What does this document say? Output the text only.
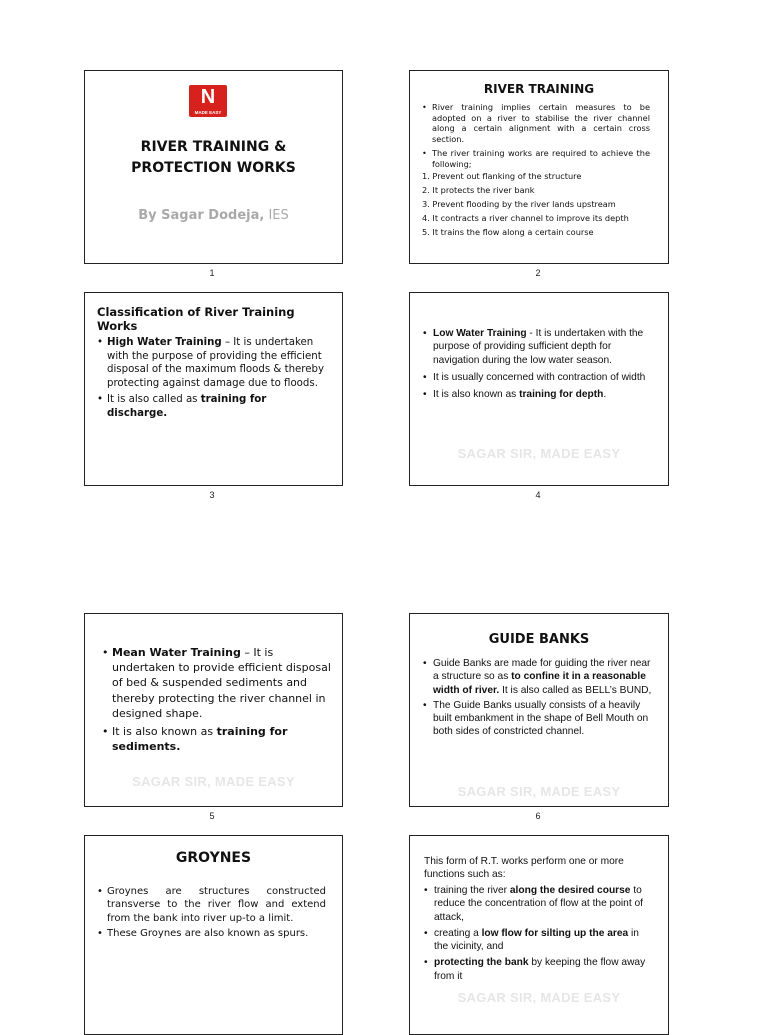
N
MADE EASY
RIVER TRAINING &
PROTECTION WORKS
By Sagar Dodeja, IES
1
RIVER TRAINING
• River training implies certain measures to be adopted on a river to stabilise the river channel along a certain alignment with a certain cross section.
• The river training works are required to achieve the following;
1. Prevent out flanking of the structure
2. It protects the river bank
3. Prevent flooding by the river lands upstream
4. It contracts a river channel to improve its depth
5. It trains the flow along a certain course
2
Classification of River Training Works
• High Water Training – It is undertaken with the purpose of providing the efficient disposal of the maximum floods & thereby protecting against damage due to floods.
• It is also called as training for discharge.
3
• Low Water Training - It is undertaken with the purpose of providing sufficient depth for navigation during the low water season.
• It is usually concerned with contraction of width
• It is also known as training for depth.
SAGAR SIR, MADE EASY
4
• Mean Water Training – It is undertaken to provide efficient disposal of bed & suspended sediments and thereby protecting the river channel in designed shape.
• It is also known as training for sediments.
SAGAR SIR, MADE EASY
5
GUIDE BANKS
• Guide Banks are made for guiding the river near a structure so as to confine it in a reasonable width of river. It is also called as BELL’s BUND,
• The Guide Banks usually consists of a heavily built embankment in the shape of Bell Mouth on both sides of constricted channel.
SAGAR SIR, MADE EASY
6
GROYNES
• Groynes are structures constructed transverse to the river flow and extend from the bank into river up-to a limit.
• These Groynes are also known as spurs.
This form of R.T. works perform one or more functions such as:
• training the river along the desired course to reduce the concentration of flow at the point of attack,
• creating a low flow for silting up the area in the vicinity, and
• protecting the bank by keeping the flow away from it
SAGAR SIR, MADE EASY
